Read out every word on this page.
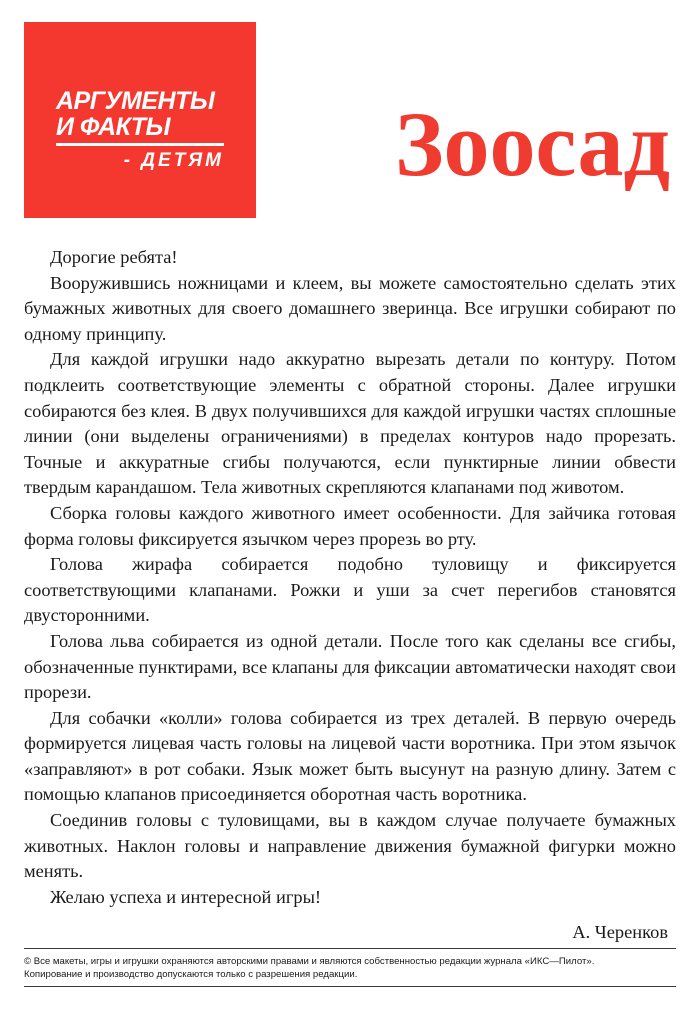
АРГУМЕНТЫ
И ФАКТЫ
- ДЕТЯМ	Зоосад

Дорогие ребята!

Вооружившись ножницами и клеем, вы можете самостоятельно сделать этих бумажных животных для своего домашнего зверинца. Все игрушки собирают по одному принципу.

Для каждой игрушки надо аккуратно вырезать детали по контуру. Потом подклеить соответствующие элементы с обратной стороны. Далее игрушки собираются без клея. В двух получившихся для каждой игрушки частях сплошные линии (они выделены ограничениями) в пределах контуров надо прорезать. Точные и аккуратные сгибы получаются, если пунктирные линии обвести твердым карандашом. Тела животных скрепляются клапанами под животом.

Сборка головы каждого животного имеет особенности. Для зайчика готовая форма головы фиксируется язычком через прорезь во рту.

Голова жирафа собирается подобно туловищу и фиксируется соответствующими клапанами. Рожки и уши за счет перегибов становятся двусторонними.

Голова льва собирается из одной детали. После того как сделаны все сгибы, обозначенные пунктирами, все клапаны для фиксации автоматически находят свои прорези.

Для собачки «колли» голова собирается из трех деталей. В первую очередь формируется лицевая часть головы на лицевой части воротника. При этом язычок «заправляют» в рот собаки. Язык может быть высунут на разную длину. Затем с помощью клапанов присоединяется оборотная часть воротника.

Соединив головы с туловищами, вы в каждом случае получаете бумажных животных. Наклон головы и направление движения бумажной фигурки можно менять.

Желаю успеха и интересной игры!

А. Черенков
© Все макеты, игры и игрушки охраняются авторскими правами и являются собственностью редакции журнала «ИКС—Пилот».
Копирование и производство допускаются только с разрешения редакции.
